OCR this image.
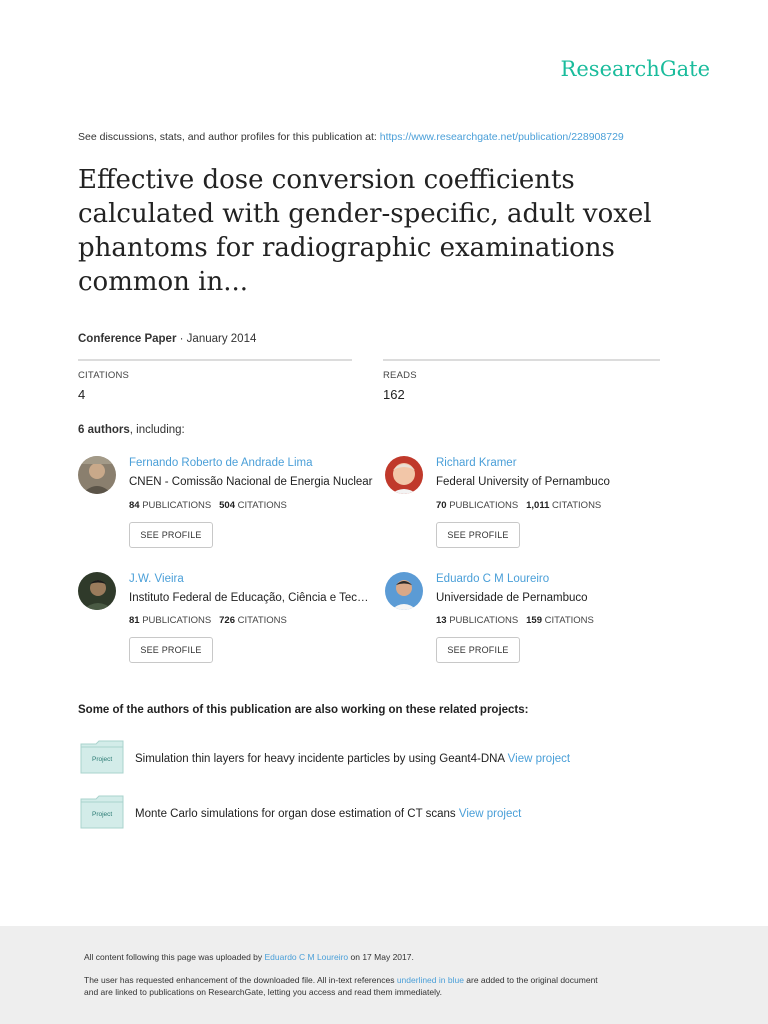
ResearchGate
See discussions, stats, and author profiles for this publication at: https://www.researchgate.net/publication/228908729
Effective dose conversion coefficients calculated with gender-specific, adult voxel phantoms for radiographic examinations common in...
Conference Paper · January 2014
CITATIONS
4
READS
162
6 authors, including:
Fernando Roberto de Andrade Lima
CNEN - Comissão Nacional de Energia Nuclear
84 PUBLICATIONS 504 CITATIONS
SEE PROFILE
Richard Kramer
Federal University of Pernambuco
70 PUBLICATIONS 1,011 CITATIONS
SEE PROFILE
J.W. Vieira
Instituto Federal de Educação, Ciência e Tec…
81 PUBLICATIONS 726 CITATIONS
SEE PROFILE
Eduardo C M Loureiro
Universidade de Pernambuco
13 PUBLICATIONS 159 CITATIONS
SEE PROFILE
Some of the authors of this publication are also working on these related projects:
Project Simulation thin layers for heavy incidente particles by using Geant4-DNA View project
Project Monte Carlo simulations for organ dose estimation of CT scans View project
All content following this page was uploaded by Eduardo C M Loureiro on 17 May 2017.
The user has requested enhancement of the downloaded file. All in-text references underlined in blue are added to the original document
and are linked to publications on ResearchGate, letting you access and read them immediately.
